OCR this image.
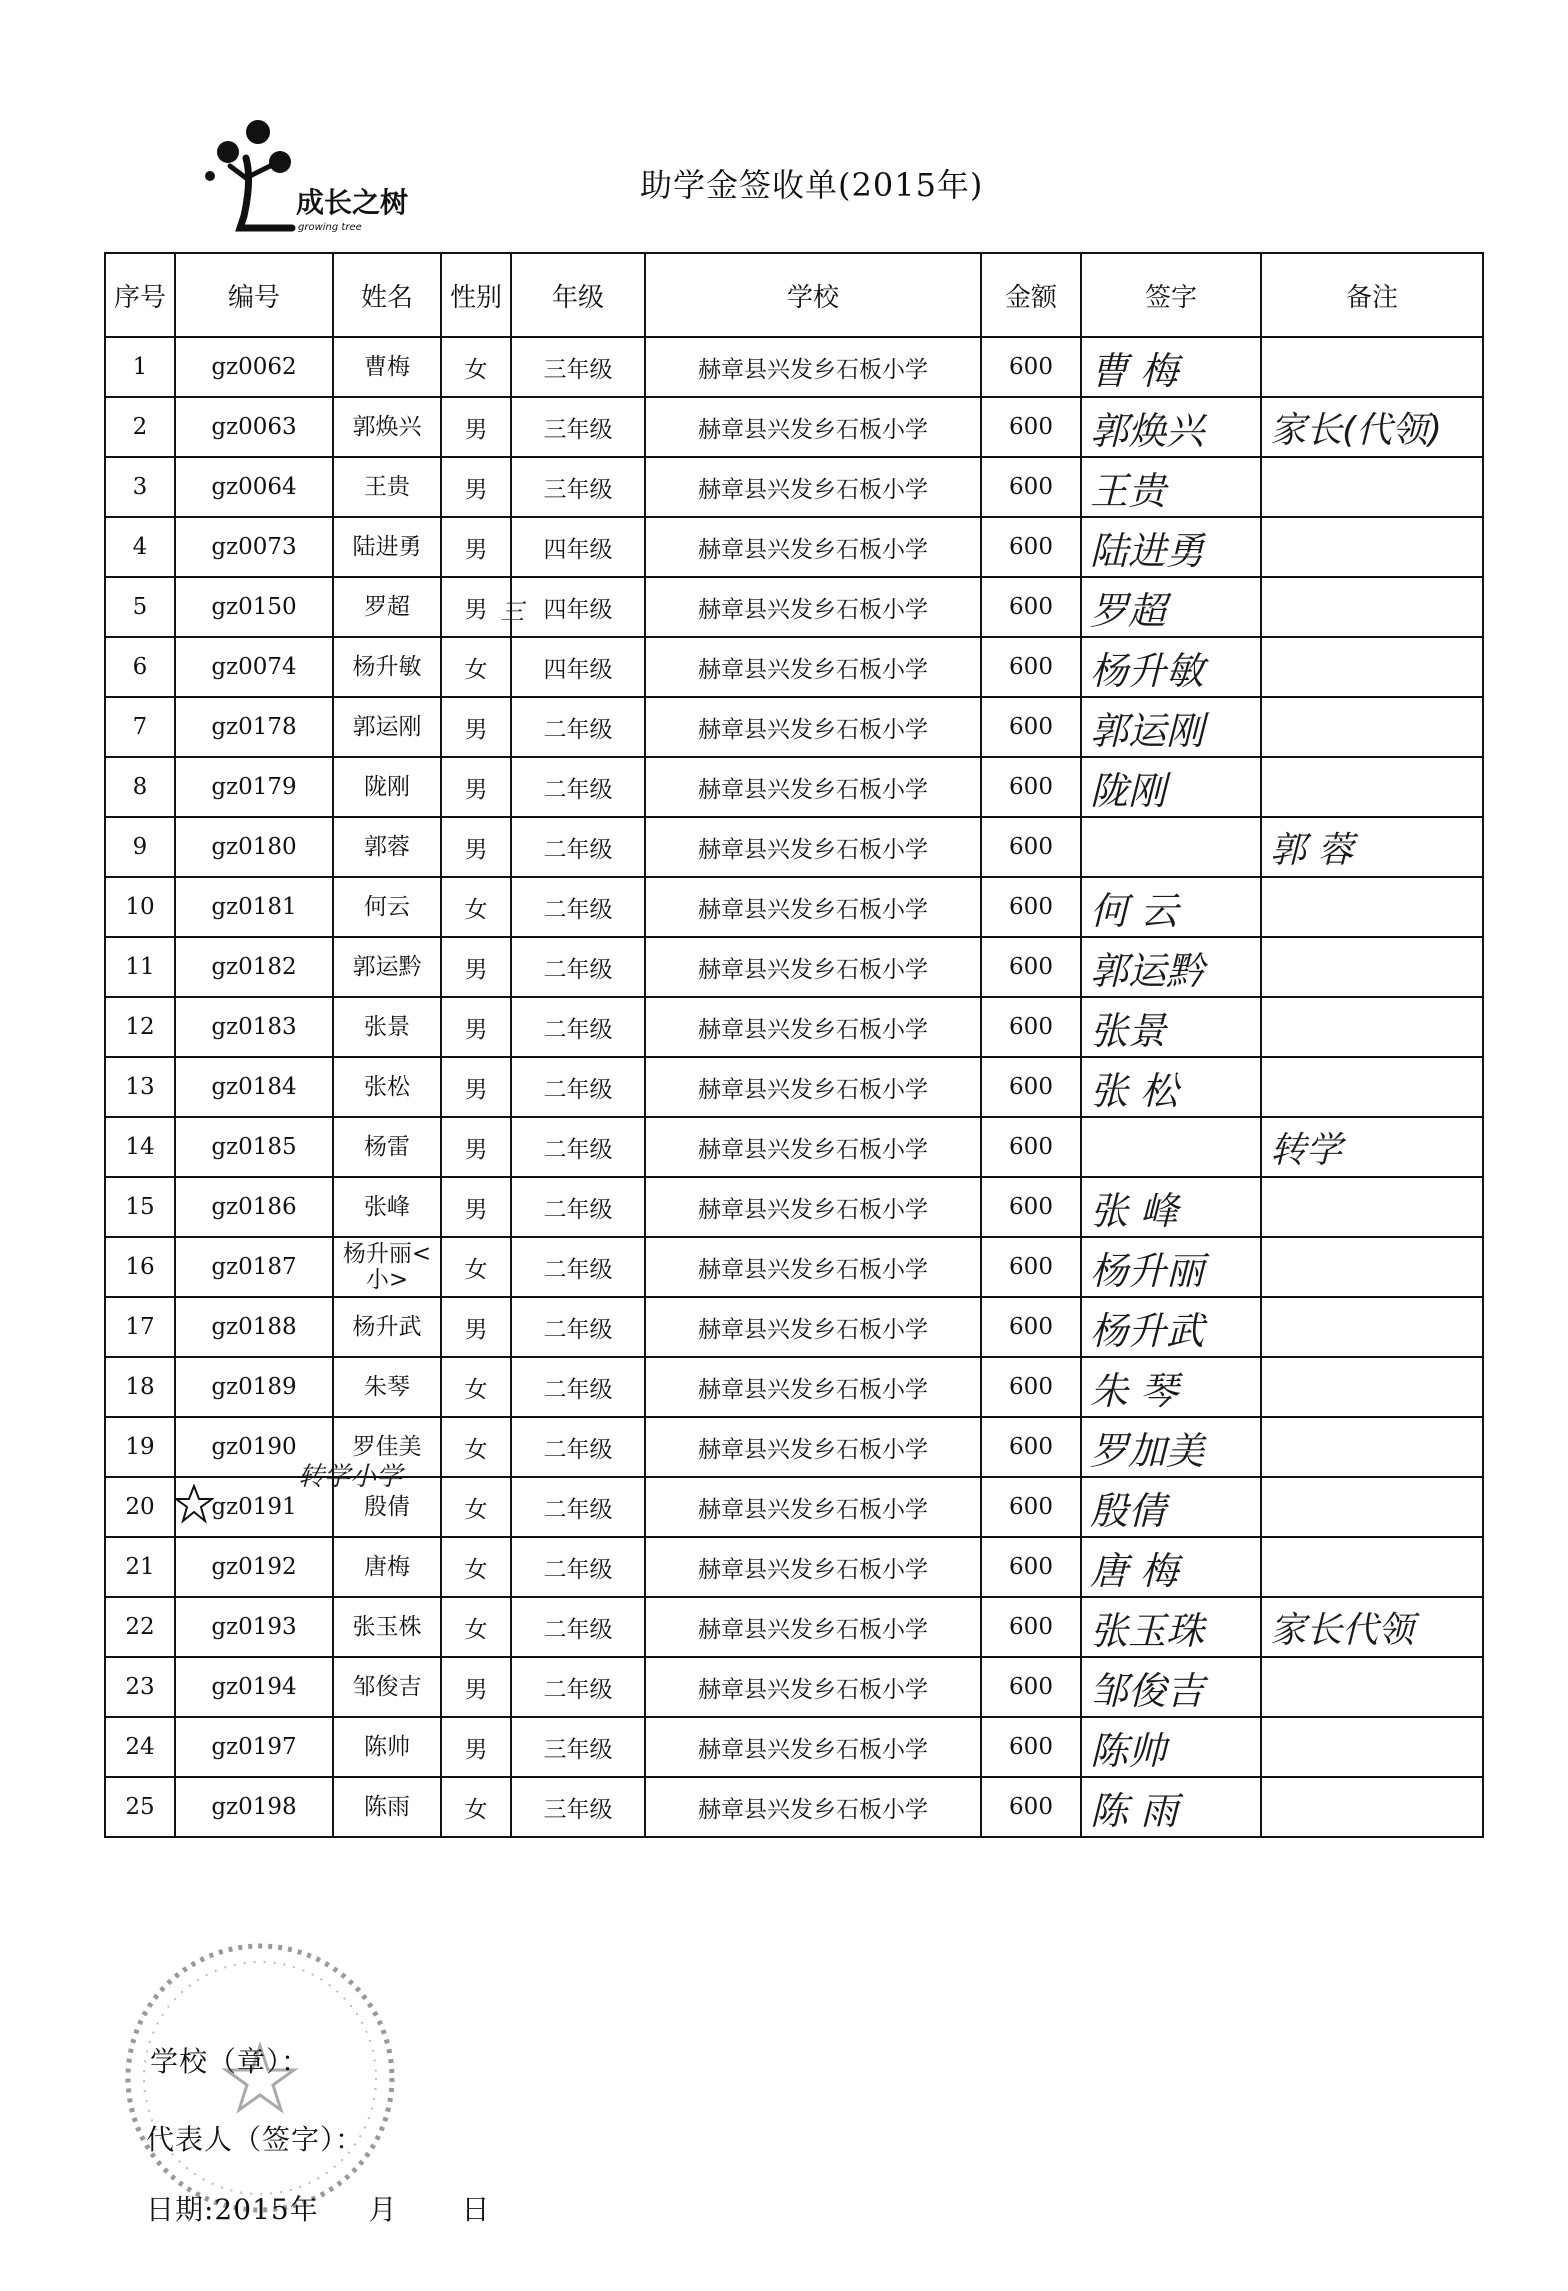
成长之树
growing tree
助学金签收单(2015年)
序号	编号	姓名	性别	年级	学校	金额	签字	备注
1	gz0062	曹梅	女	三年级	赫章县兴发乡石板小学	600	曹 梅	
2	gz0063	郭焕兴	男	三年级	赫章县兴发乡石板小学	600	郭焕兴	家长(代领)
3	gz0064	王贵	男	三年级	赫章县兴发乡石板小学	600	王贵	
4	gz0073	陆进勇	男	四年级	赫章县兴发乡石板小学	600	陆进勇	
5	gz0150	罗超	男	四年级	赫章县兴发乡石板小学	600	罗超	
6	gz0074	杨升敏	女	四年级	赫章县兴发乡石板小学	600	杨升敏	
7	gz0178	郭运刚	男	二年级	赫章县兴发乡石板小学	600	郭运刚	
8	gz0179	陇刚	男	二年级	赫章县兴发乡石板小学	600	陇刚	
9	gz0180	郭蓉	男	二年级	赫章县兴发乡石板小学	600		郭 蓉
10	gz0181	何云	女	二年级	赫章县兴发乡石板小学	600	何 云	
11	gz0182	郭运黔	男	二年级	赫章县兴发乡石板小学	600	郭运黔	
12	gz0183	张景	男	二年级	赫章县兴发乡石板小学	600	张景	
13	gz0184	张松	男	二年级	赫章县兴发乡石板小学	600	张 松	
14	gz0185	杨雷	男	二年级	赫章县兴发乡石板小学	600		转学
15	gz0186	张峰	男	二年级	赫章县兴发乡石板小学	600	张 峰	
16	gz0187	杨升丽<小>	女	二年级	赫章县兴发乡石板小学	600	杨升丽	
17	gz0188	杨升武	男	二年级	赫章县兴发乡石板小学	600	杨升武	
18	gz0189	朱琴	女	二年级	赫章县兴发乡石板小学	600	朱 琴	
19	gz0190	罗佳美	女	二年级	赫章县兴发乡石板小学	600	罗加美	
20	gz0191	殷倩	女	二年级	赫章县兴发乡石板小学	600	殷倩	
21	gz0192	唐梅	女	二年级	赫章县兴发乡石板小学	600	唐 梅	
22	gz0193	张玉株	女	二年级	赫章县兴发乡石板小学	600	张玉珠	家长代领
23	gz0194	邹俊吉	男	二年级	赫章县兴发乡石板小学	600	邹俊吉	
24	gz0197	陈帅	男	三年级	赫章县兴发乡石板小学	600	陈帅	
25	gz0198	陈雨	女	三年级	赫章县兴发乡石板小学	600	陈 雨	
三
转学小学
学校（章）：
代表人（签字）：
日期:2015年 月 日
